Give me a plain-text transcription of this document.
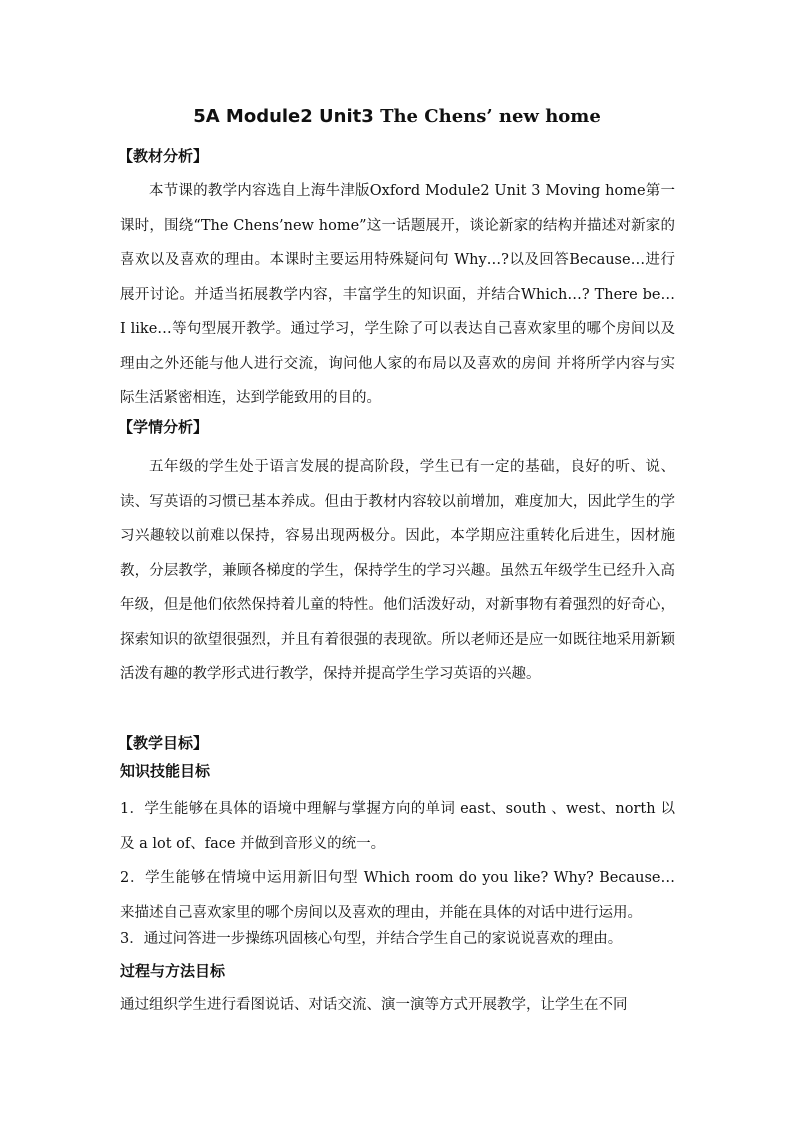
5A Module2 Unit3 The Chens’ new home
【教材分析】

本节课的教学内容选自上海牛津版Oxford Module2 Unit 3 Moving home第一课时，围绕“The Chens’new home”这一话题展开，谈论新家的结构并描述对新家的喜欢以及喜欢的理由。本课时主要运用特殊疑问句 Why…?以及回答Because…进行展开讨论。并适当拓展教学内容，丰富学生的知识面，并结合Which…? There be… I like…等句型展开教学。通过学习，学生除了可以表达自己喜欢家里的哪个房间以及理由之外还能与他人进行交流，询问他人家的布局以及喜欢的房间 并将所学内容与实际生活紧密相连，达到学能致用的目的。

【学情分析】

五年级的学生处于语言发展的提高阶段，学生已有一定的基础，良好的听、说、读、写英语的习惯已基本养成。但由于教材内容较以前增加，难度加大，因此学生的学习兴趣较以前难以保持，容易出现两极分。因此，本学期应注重转化后进生，因材施教，分层教学，兼顾各梯度的学生，保持学生的学习兴趣。虽然五年级学生已经升入高年级，但是他们依然保持着儿童的特性。他们活泼好动，对新事物有着强烈的好奇心，探索知识的欲望很强烈，并且有着很强的表现欲。所以老师还是应一如既往地采用新颖活泼有趣的教学形式进行教学，保持并提高学生学习英语的兴趣。

【教学目标】
知识技能目标

1．学生能够在具体的语境中理解与掌握方向的单词 east、south 、west、north 以及 a lot of、face 并做到音形义的统一。

2．学生能够在情境中运用新旧句型 Which room do you like? Why? Because… 来描述自己喜欢家里的哪个房间以及喜欢的理由，并能在具体的对话中进行运用。

3．通过问答进一步操练巩固核心句型，并结合学生自己的家说说喜欢的理由。

过程与方法目标

通过组织学生进行看图说话、对话交流、演一演等方式开展教学，让学生在不同
